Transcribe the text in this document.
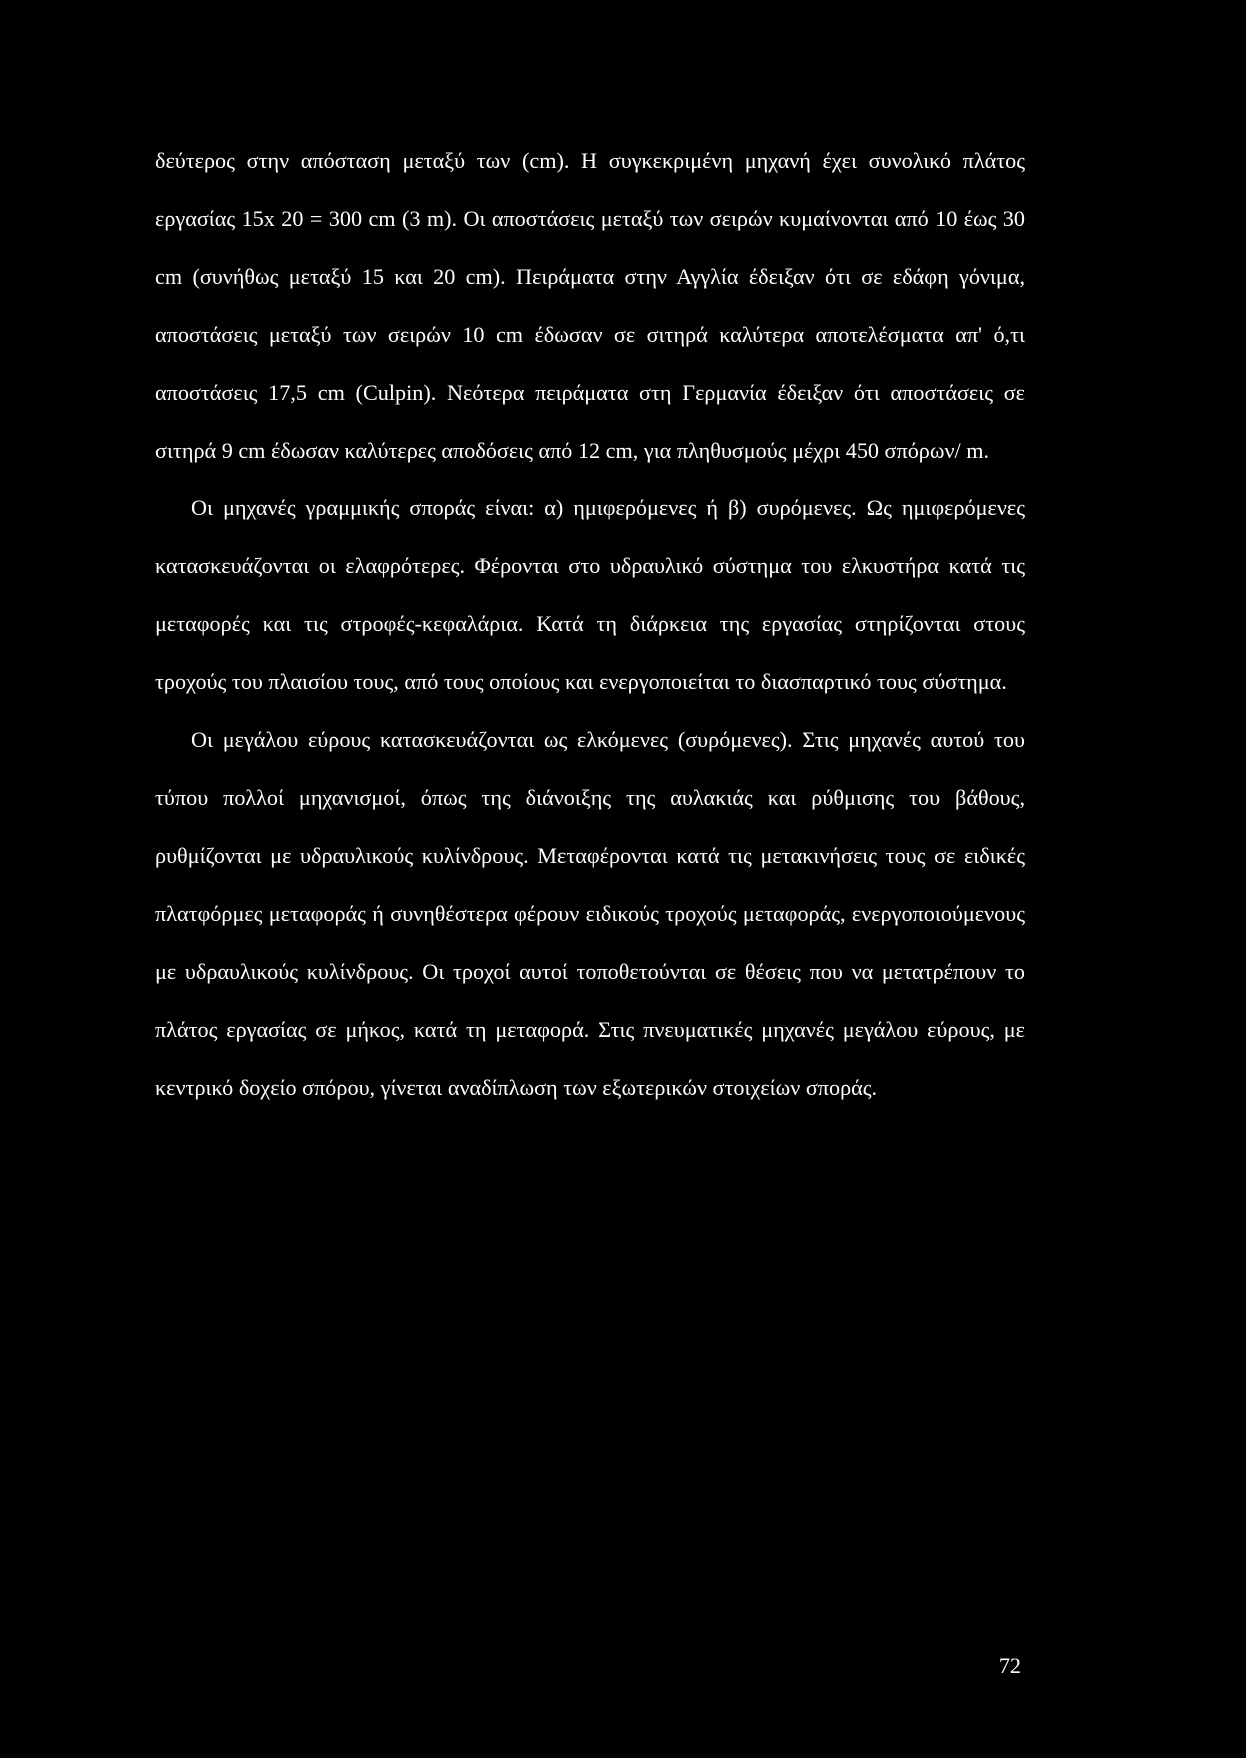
δεύτερος στην απόσταση μεταξύ των (cm). Η συγκεκριμένη μηχανή έχει συνολικό πλάτος εργασίας 15x 20 = 300 cm (3 m). Οι αποστάσεις μεταξύ των σειρών κυμαίνονται από 10 έως 30 cm (συνήθως μεταξύ 15 και 20 cm). Πειράματα στην Αγγλία έδειξαν ότι σε εδάφη γόνιμα, αποστάσεις μεταξύ των σειρών 10 cm έδωσαν σε σιτηρά καλύτερα αποτελέσματα απ' ό,τι αποστάσεις 17,5 cm (Culpin). Νεότερα πειράματα στη Γερμανία έδειξαν ότι αποστάσεις σε σιτηρά 9 cm έδωσαν καλύτερες αποδόσεις από 12 cm, για πληθυσμούς μέχρι 450 σπόρων/ m.

Οι μηχανές γραμμικής σποράς είναι: α) ημιφερόμενες ή β) συρόμενες. Ως ημιφερόμενες κατασκευάζονται οι ελαφρότερες. Φέρονται στο υδραυλικό σύστημα του ελκυστήρα κατά τις μεταφορές και τις στροφές-κεφαλάρια. Κατά τη διάρκεια της εργασίας στηρίζονται στους τροχούς του πλαισίου τους, από τους οποίους και ενεργοποιείται το διασπαρτικό τους σύστημα.

Οι μεγάλου εύρους κατασκευάζονται ως ελκόμενες (συρόμενες). Στις μηχανές αυτού του τύπου πολλοί μηχανισμοί, όπως της διάνοιξης της αυλακιάς και ρύθμισης του βάθους, ρυθμίζονται με υδραυλικούς κυλίνδρους. Μεταφέρονται κατά τις μετακινήσεις τους σε ειδικές πλατφόρμες μεταφοράς ή συνηθέστερα φέρουν ειδικούς τροχούς μεταφοράς, ενεργοποιούμενους με υδραυλικούς κυλίνδρους. Οι τροχοί αυτοί τοποθετούνται σε θέσεις που να μετατρέπουν το πλάτος εργασίας σε μήκος, κατά τη μεταφορά. Στις πνευματικές μηχανές μεγάλου εύρους, με κεντρικό δοχείο σπόρου, γίνεται αναδίπλωση των εξωτερικών στοιχείων σποράς.

72
